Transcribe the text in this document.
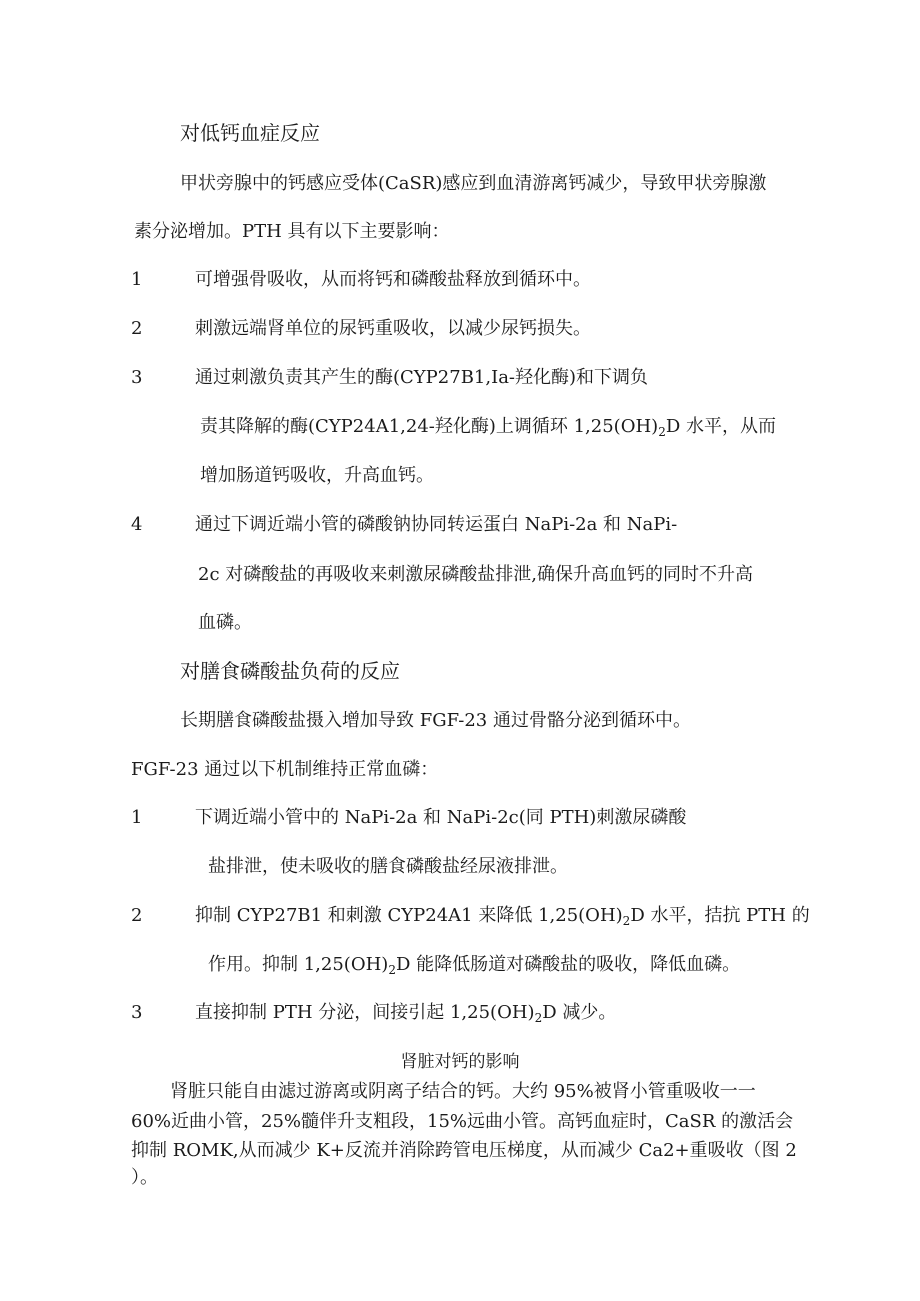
对低钙血症反应
甲状旁腺中的钙感应受体(CaSR)感应到血清游离钙减少，导致甲状旁腺激
素分泌增加。PTH 具有以下主要影响：
1	可增强骨吸收，从而将钙和磷酸盐释放到循环中。
2	刺激远端肾单位的尿钙重吸收，以减少尿钙损失。
3	通过刺激负责其产生的酶(CYP27B1,Ia-羟化酶)和下调负
责其降解的酶(CYP24A1,24-羟化酶)上调循环 $1,25(OH)_2D$ 水平，从而
增加肠道钙吸收，升高血钙。
4	通过下调近端小管的磷酸钠协同转运蛋白 NaPi-2a 和 NaPi-
2c 对磷酸盐的再吸收来刺激尿磷酸盐排泄,确保升高血钙的同时不升高
血磷。
对膳食磷酸盐负荷的反应
长期膳食磷酸盐摄入增加导致 FGF-23 通过骨骼分泌到循环中。
FGF-23 通过以下机制维持正常血磷：
1	下调近端小管中的 NaPi-2a 和 NaPi-2c(同 PTH)刺激尿磷酸
盐排泄，使未吸收的膳食磷酸盐经尿液排泄。
2	抑制 CYP27B1 和刺激 CYP24A1 来降低 $1,25(OH)_2D$ 水平，拮抗 PTH 的
作用。抑制 $1,25(OH)_2D$ 能降低肠道对磷酸盐的吸收，降低血磷。
3	直接抑制 PTH 分泌，间接引起 $1,25(OH)_2D$ 减少。
肾脏对钙的影响
肾脏只能自由滤过游离或阴离子结合的钙。大约 95%被肾小管重吸收一一
60%近曲小管，25%髓伴升支粗段，15%远曲小管。高钙血症时，CaSR 的激活会
抑制 ROMK,从而减少 K+反流并消除跨管电压梯度，从而减少 Ca2+重吸收（图 2
）。
